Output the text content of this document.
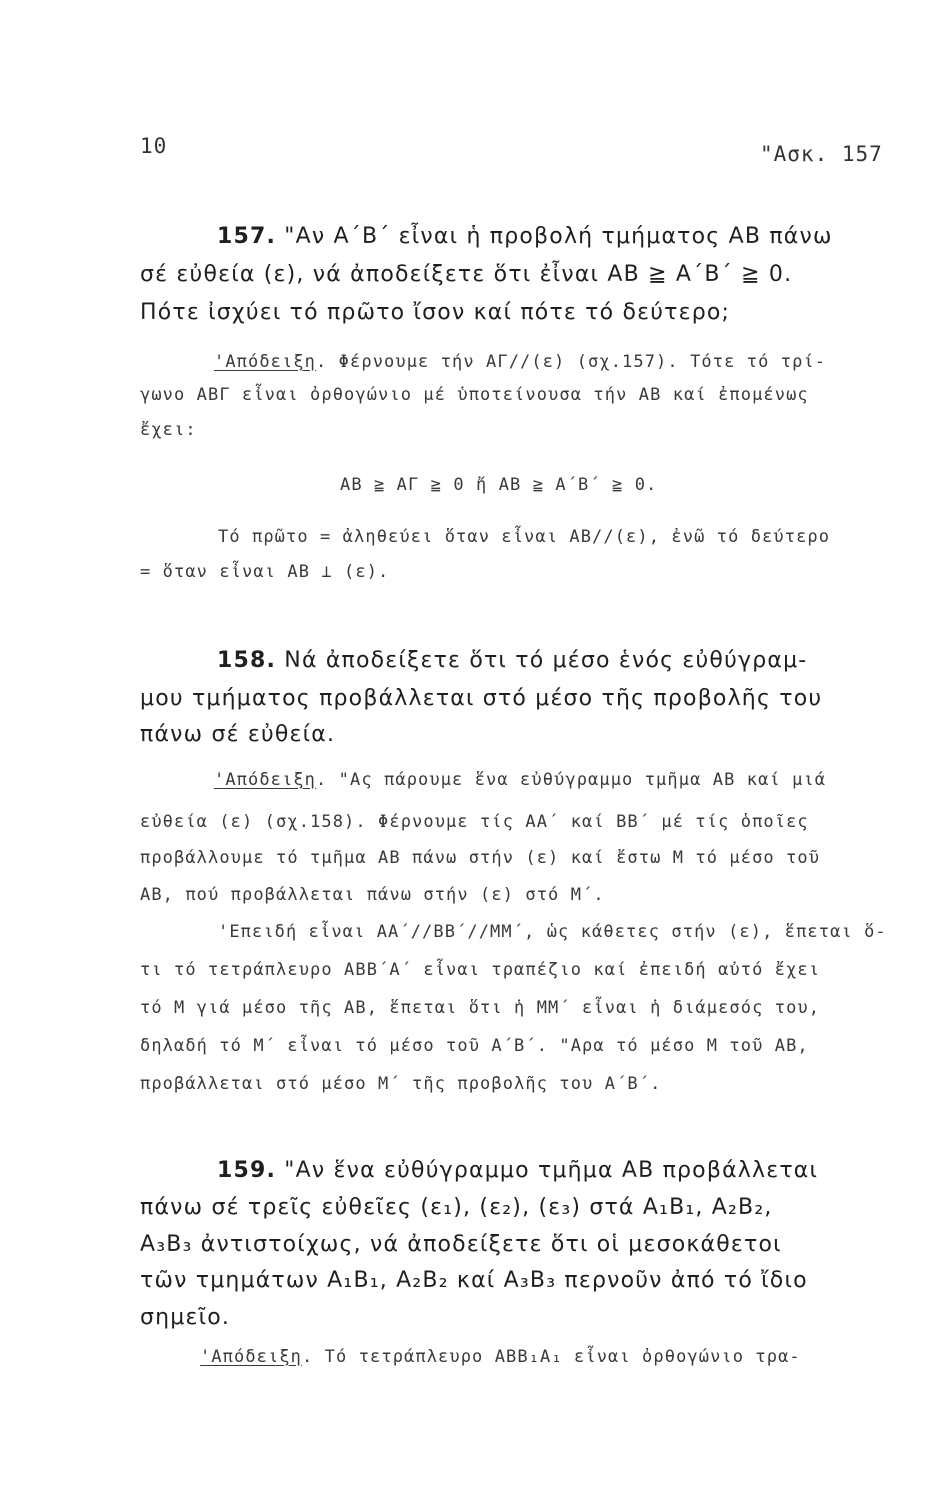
10	"Ασκ. 157
157. "Αν Α΄Β΄ εἶναι ἡ προβολή τμήματος ΑΒ πάνω
σέ εὐθεία (ε), νά ἀποδείξετε ὅτι ἐἶναι ΑΒ ≧ Α΄Β΄ ≧ 0.
Πότε ἰσχύει τό πρῶτο ἴσον καί πότε τό δεύτερο;
'Απόδειξη. Φέρνουμε τήν ΑΓ//(ε) (σχ.157). Τότε τό τρί-
γωνο ΑΒΓ εἶναι ὀρθογώνιο μέ ὑποτείνουσα τήν ΑΒ καί ἐπομένως
ἔχει:
ΑΒ ≧ ΑΓ ≧ 0 ἤ ΑΒ ≧ Α΄Β΄ ≧ 0.
Τό πρῶτο = ἀληθεύει ὅταν εἶναι ΑΒ//(ε), ἐνῶ τό δεύτερο
= ὅταν εἶναι ΑΒ ⊥ (ε).
158. Νά ἀποδείξετε ὅτι τό μέσο ἑνός εὐθύγραμ-
μου τμήματος προβάλλεται στό μέσο τῆς προβολῆς του
πάνω σέ εὐθεία.
'Απόδειξη. "Ας πάρουμε ἕνα εὐθύγραμμο τμῆμα ΑΒ καί μιά
εὐθεία (ε) (σχ.158). Φέρνουμε τίς ΑΑ΄ καί ΒΒ΄ μέ τίς ὁποῖες
προβάλλουμε τό τμῆμα ΑΒ πάνω στήν (ε) καί ἔστω Μ τό μέσο τοῦ
ΑΒ, πού προβάλλεται πάνω στήν (ε) στό Μ΄.
'Επειδή εἶναι ΑΑ΄//ΒΒ΄//ΜΜ΄, ὡς κάθετες στήν (ε), ἕπεται ὅ-
τι τό τετράπλευρο ΑΒΒ΄Α΄ εἶναι τραπέζιο καί ἐπειδή αὐτό ἔχει
τό Μ γιά μέσο τῆς ΑΒ, ἕπεται ὅτι ἡ ΜΜ΄ εἶναι ἡ διάμεσός του,
δηλαδή τό Μ΄ εἶναι τό μέσο τοῦ Α΄Β΄. "Αρα τό μέσο Μ τοῦ ΑΒ,
προβάλλεται στό μέσο Μ΄ τῆς προβολῆς του Α΄Β΄.
159. "Αν ἕνα εὐθύγραμμο τμῆμα ΑΒ προβάλλεται
πάνω σέ τρεῖς εὐθεῖες (ε₁), (ε₂), (ε₃) στά Α₁Β₁, Α₂Β₂,
Α₃Β₃ ἀντιστοίχως, νά ἀποδείξετε ὅτι οἱ μεσοκάθετοι
τῶν τμημάτων Α₁Β₁, Α₂Β₂ καί Α₃Β₃ περνοῦν ἀπό τό ἴδιο
σημεῖο.
'Απόδειξη. Τό τετράπλευρο ΑΒΒ₁Α₁ εἶναι ὀρθογώνιο τρα-
